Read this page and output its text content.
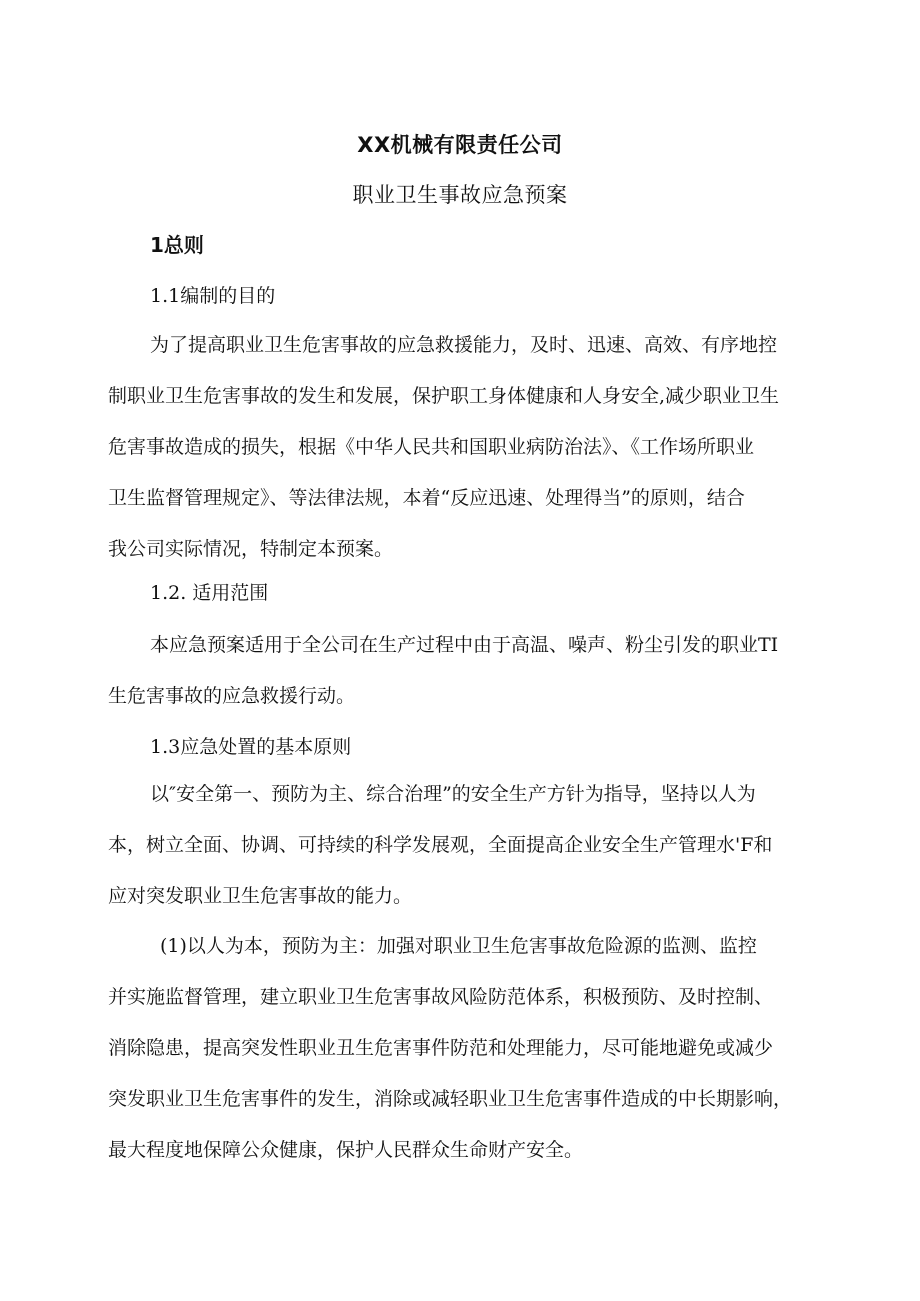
XX机械有限责任公司
职业卫生事故应急预案
1总则
1.1编制的目的
为了提高职业卫生危害事故的应急救援能力，及时、迅速、高效、有序地控
制职业卫生危害事故的发生和发展，保护职工身体健康和人身安全,减少职业卫生
危害事故造成的损失，根据《中华人民共和国职业病防治法》、《工作场所职业
卫生监督管理规定》、等法律法规，本着“反应迅速、处理得当”的原则，结合
我公司实际情况，特制定本预案。
1.2. 适用范围
本应急预案适用于全公司在生产过程中由于高温、噪声、粉尘引发的职业TI
生危害事故的应急救援行动。
1.3应急处置的基本原则
以″安全第一、预防为主、综合治理”的安全生产方针为指导，坚持以人为
本，树立全面、协调、可持续的科学发展观，全面提高企业安全生产管理水'F和
应对突发职业卫生危害事故的能力。
(1)以人为本，预防为主：加强对职业卫生危害事故危险源的监测、监控
并实施监督管理，建立职业卫生危害事故风险防范体系，积极预防、及时控制、
消除隐患，提高突发性职业丑生危害事件防范和处理能力，尽可能地避免或减少
突发职业卫生危害事件的发生，消除或减轻职业卫生危害事件造成的中长期影响，
最大程度地保障公众健康，保护人民群众生命财产安全。
